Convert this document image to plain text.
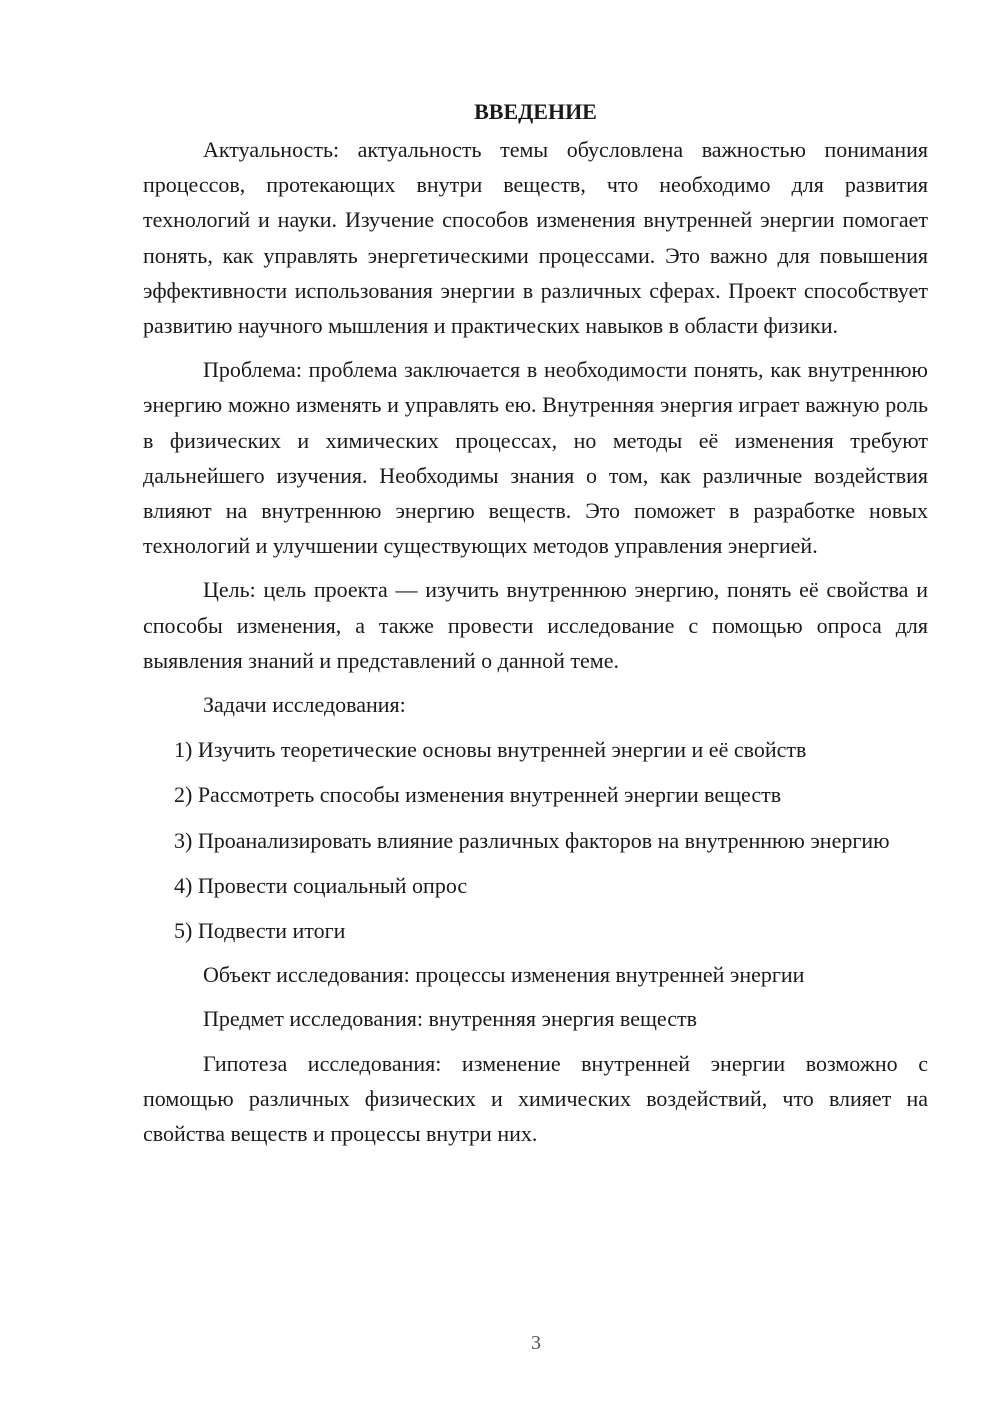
ВВЕДЕНИЕ

Актуальность: актуальность темы обусловлена важностью понимания процессов, протекающих внутри веществ, что необходимо для развития технологий и науки. Изучение способов изменения внутренней энергии помогает понять, как управлять энергетическими процессами. Это важно для повышения эффективности использования энергии в различных сферах. Проект способствует развитию научного мышления и практических навыков в области физики.

Проблема: проблема заключается в необходимости понять, как внутреннюю энергию можно изменять и управлять ею. Внутренняя энергия играет важную роль в физических и химических процессах, но методы её изменения требуют дальнейшего изучения. Необходимы знания о том, как различные воздействия влияют на внутреннюю энергию веществ. Это поможет в разработке новых технологий и улучшении существующих методов управления энергией.

Цель: цель проекта — изучить внутреннюю энергию, понять её свойства и способы изменения, а также провести исследование с помощью опроса для выявления знаний и представлений о данной теме.

Задачи исследования:

1) Изучить теоретические основы внутренней энергии и её свойств

2) Рассмотреть способы изменения внутренней энергии веществ

3) Проанализировать влияние различных факторов на внутреннюю энергию

4) Провести социальный опрос

5) Подвести итоги

Объект исследования: процессы изменения внутренней энергии

Предмет исследования: внутренняя энергия веществ

Гипотеза исследования: изменение внутренней энергии возможно с помощью различных физических и химических воздействий, что влияет на свойства веществ и процессы внутри них.

3
